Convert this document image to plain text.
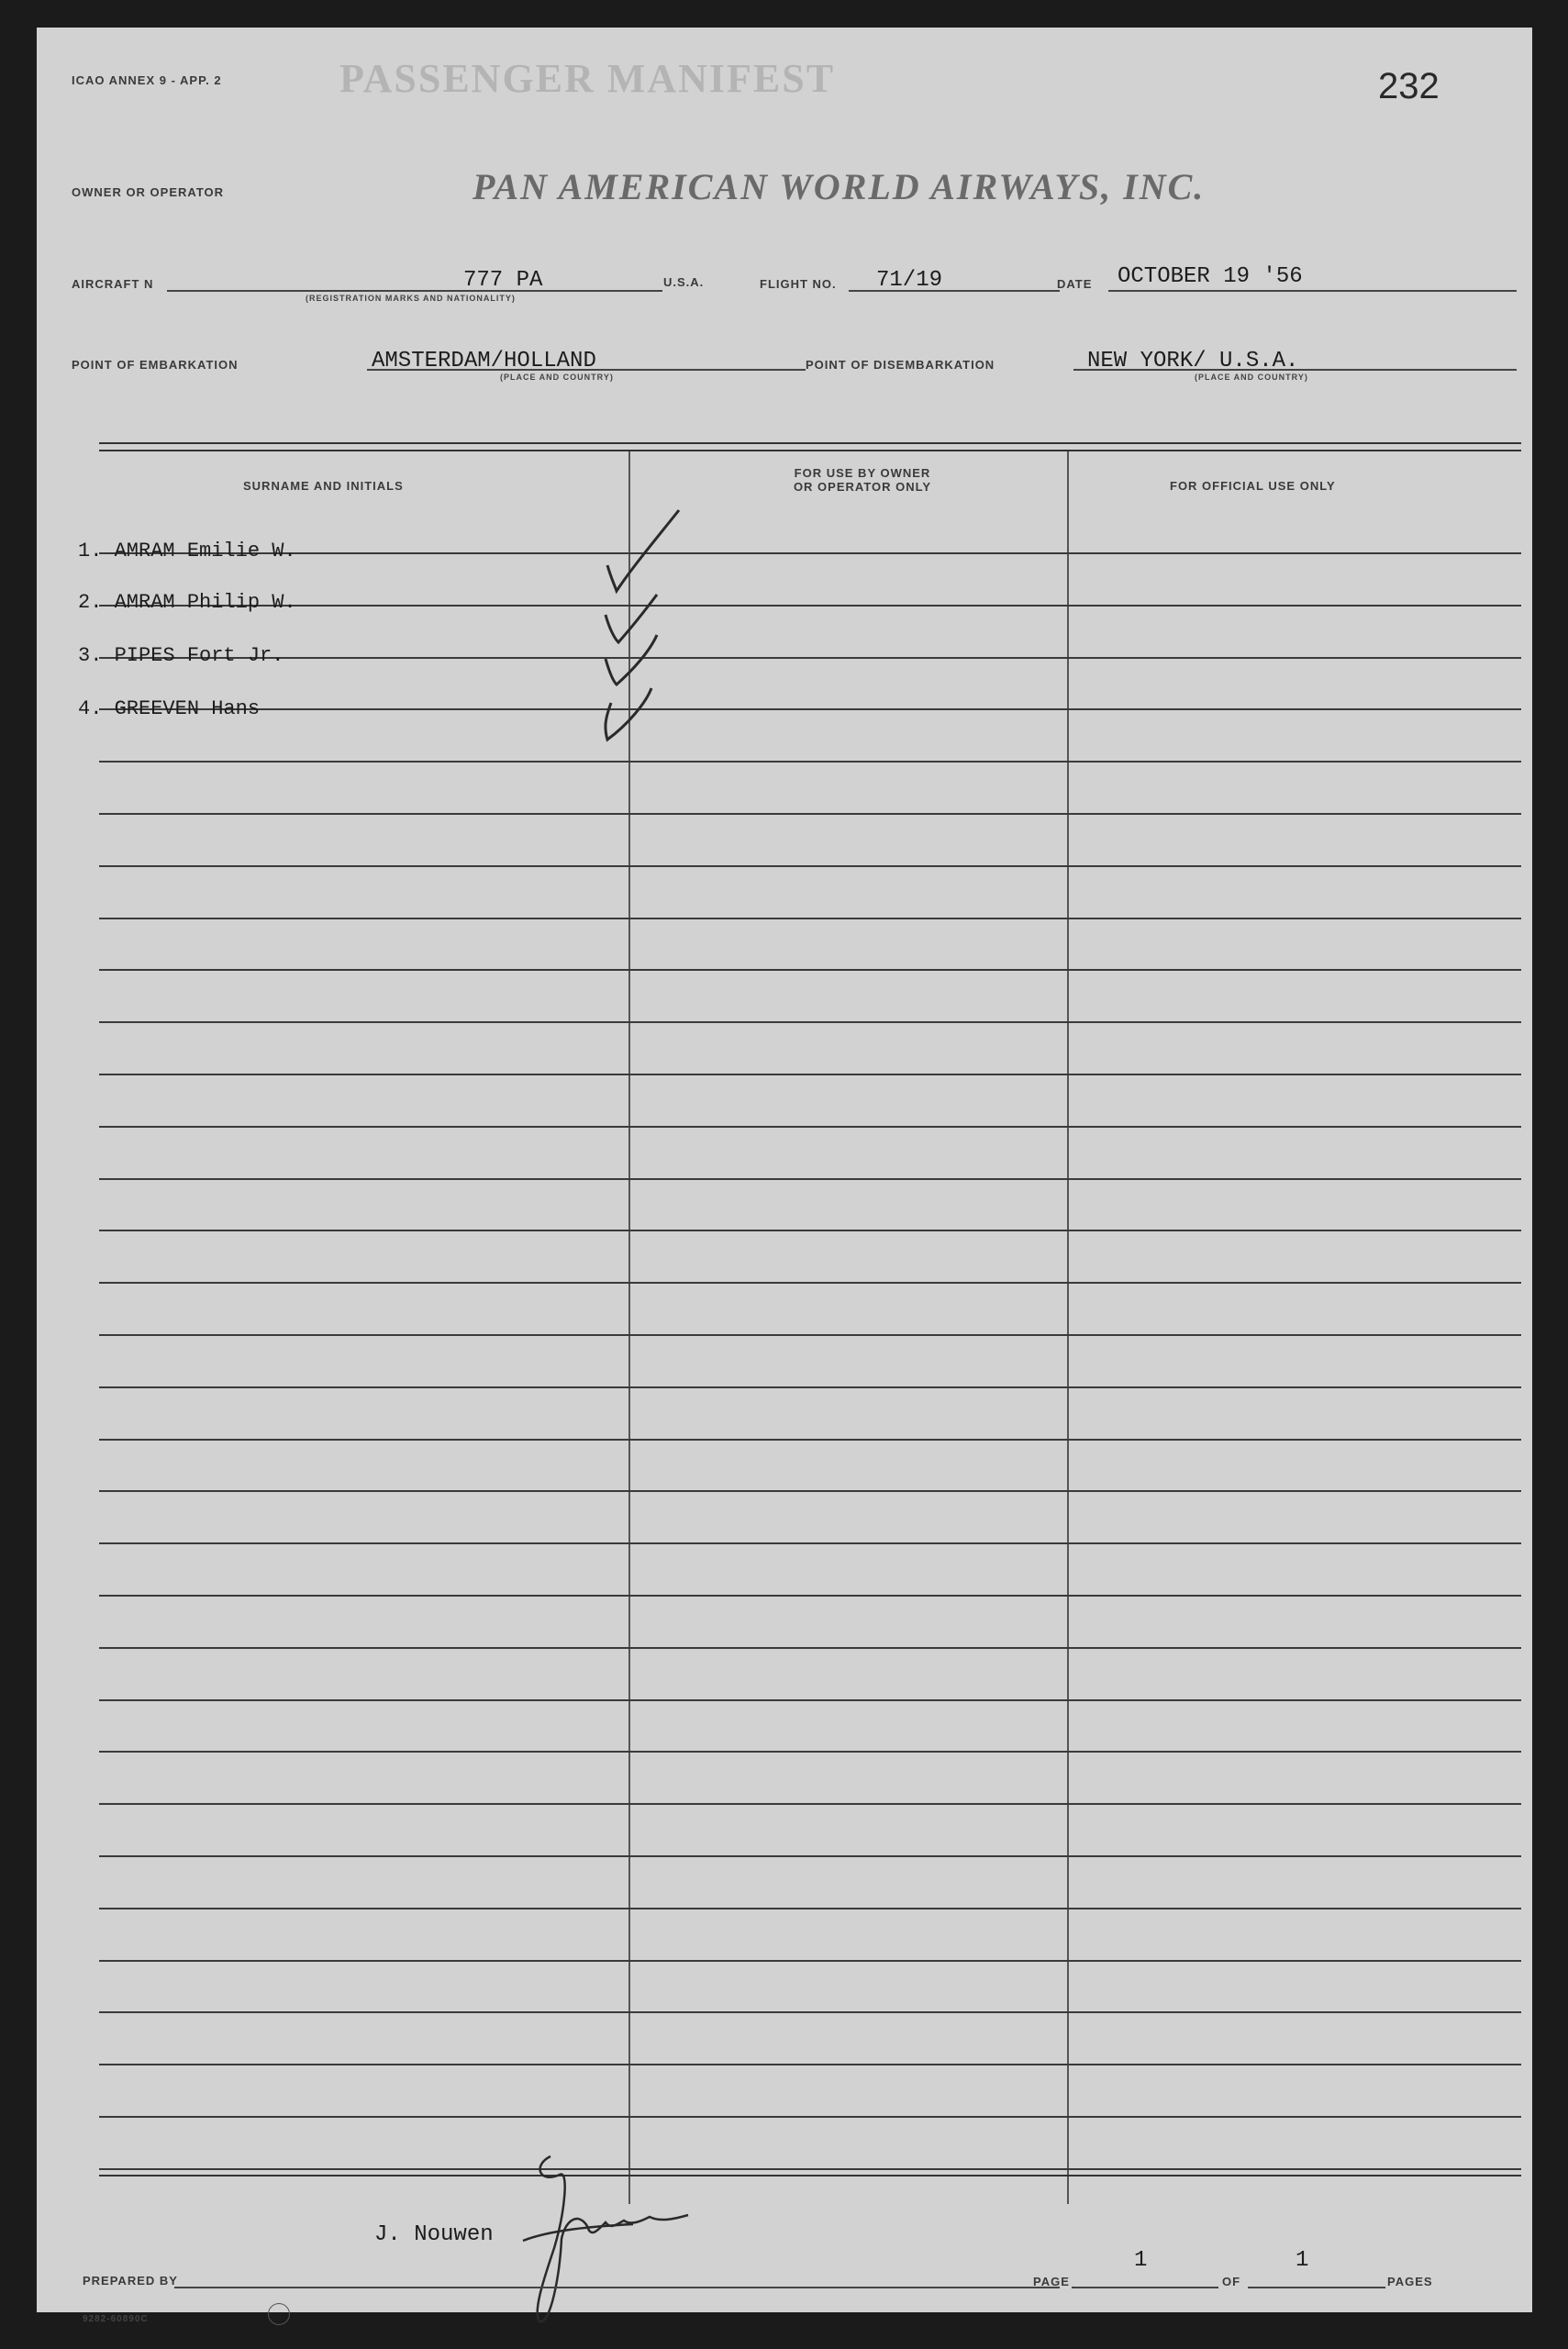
ICAO ANNEX 9 - APP. 2	PASSENGER MANIFEST	232
OWNER OR OPERATOR	PAN AMERICAN WORLD AIRWAYS, INC.
AIRCRAFT N	777 PA
(REGISTRATION MARKS AND NATIONALITY)
U.S.A.	FLIGHT NO. 71/19	DATE OCTOBER 19 '56
POINT OF EMBARKATION	AMSTERDAM/HOLLAND
(PLACE AND COUNTRY)
POINT OF DISEMBARKATION	NEW YORK/ U.S.A.
(PLACE AND COUNTRY)
SURNAME AND INITIALS
FOR USE BY OWNER
OR OPERATOR ONLY	FOR OFFICIAL USE ONLY
1. AMRAM Emilie W.
2. AMRAM Philip W.
3. PIPES Fort Jr.
4. GREEVEN Hans
J. Nouwen
PREPARED BY	PAGE
1
OF
1
PAGES
9282-60890C
